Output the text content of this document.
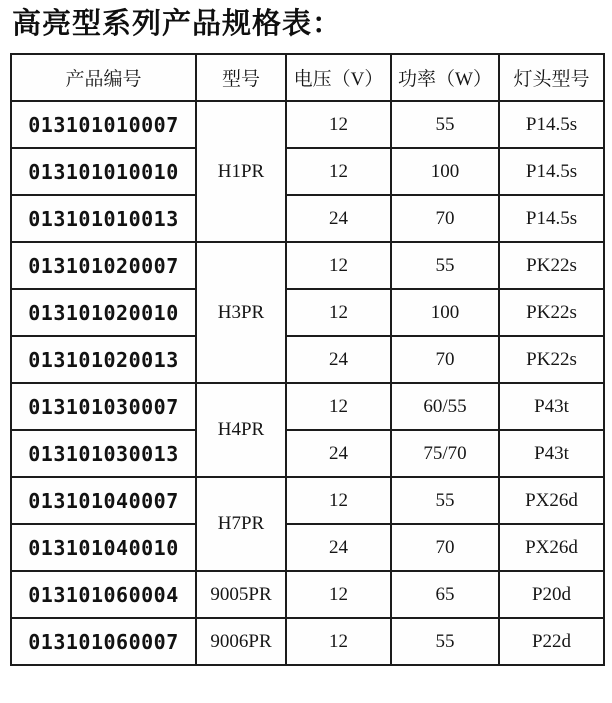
高亮型系列产品规格表：
产品编号	型号	电压（V）	功率（W）	灯头型号
013101010007	H1PR	12	55	P14.5s
013101010010		12	100	P14.5s
013101010013		24	70	P14.5s
013101020007	H3PR	12	55	PK22s
013101020010		12	100	PK22s
013101020013		24	70	PK22s
013101030007	H4PR	12	60/55	P43t
013101030013		24	75/70	P43t
013101040007	H7PR	12	55	PX26d
013101040010		24	70	PX26d
013101060004	9005PR	12	65	P20d
013101060007	9006PR	12	55	P22d
